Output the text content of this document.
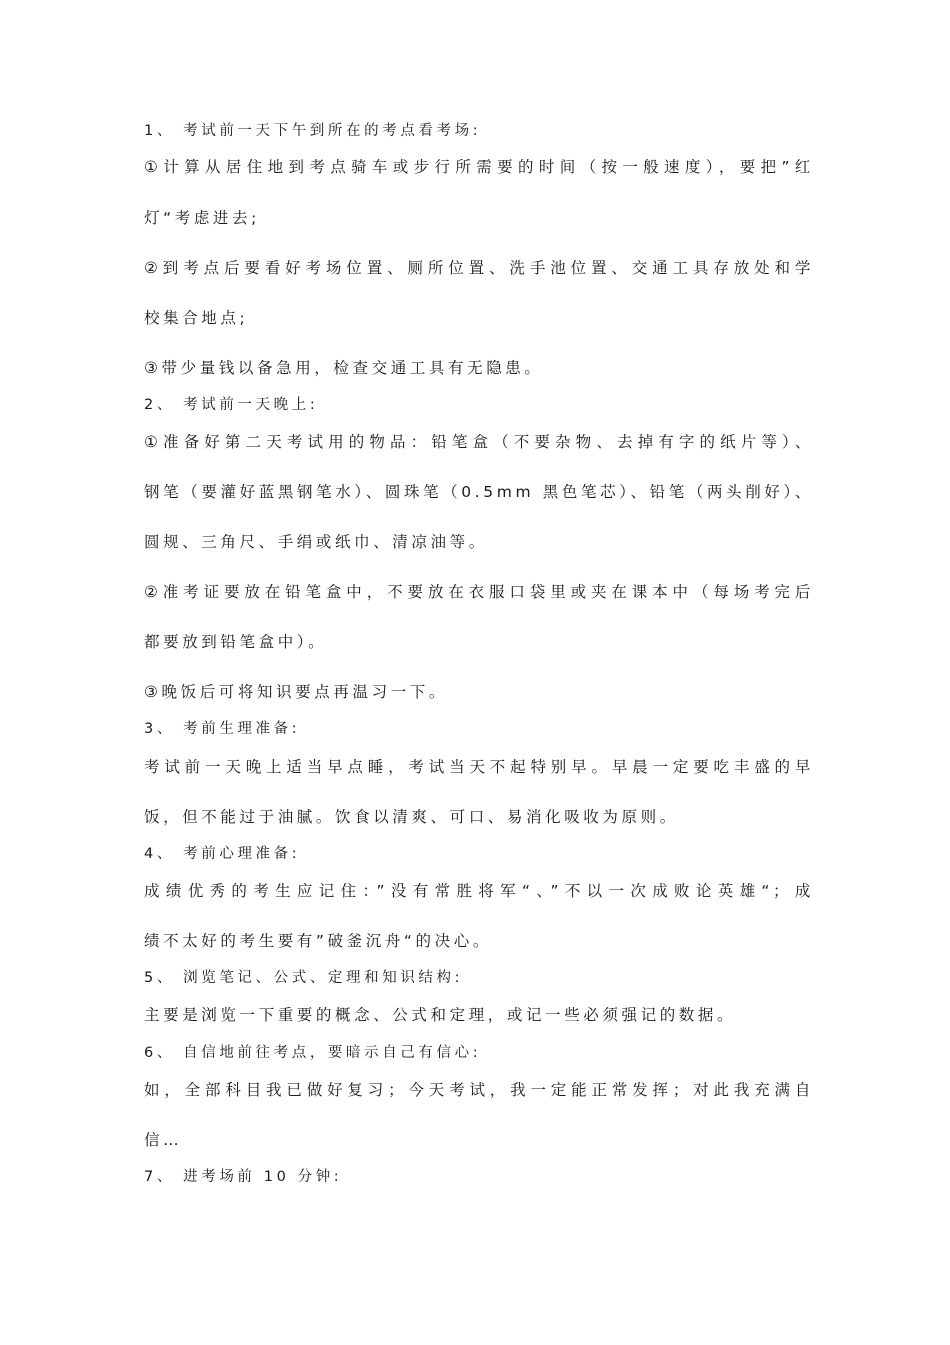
1、 考试前一天下午到所在的考点看考场:
①计算从居住地到考点骑车或步行所需要的时间（按一般速度），要把”红
灯“考虑进去;
②到考点后要看好考场位置、厕所位置、洗手池位置、交通工具存放处和学
校集合地点;
③带少量钱以备急用，检查交通工具有无隐患。
2、 考试前一天晚上:
①准备好第二天考试用的物品：铅笔盒（不要杂物、去掉有字的纸片等）、
钢笔（要灌好蓝黑钢笔水）、圆珠笔（0.5mm 黑色笔芯）、铅笔（两头削好）、
圆规、三角尺、手绢或纸巾、清凉油等。
②准考证要放在铅笔盒中，不要放在衣服口袋里或夹在课本中（每场考完后
都要放到铅笔盒中）。
③晚饭后可将知识要点再温习一下。
3、 考前生理准备:
考试前一天晚上适当早点睡，考试当天不起特别早。早晨一定要吃丰盛的早
饭，但不能过于油腻。饮食以清爽、可口、易消化吸收为原则。
4、 考前心理准备:
成绩优秀的考生应记住：”没有常胜将军“、”不以一次成败论英雄“；成
绩不太好的考生要有”破釜沉舟“的决心。
5、 浏览笔记、公式、定理和知识结构:
主要是浏览一下重要的概念、公式和定理，或记一些必须强记的数据。
6、 自信地前往考点，要暗示自己有信心:
如，全部科目我已做好复习；今天考试，我一定能正常发挥；对此我充满自
信…
7、 进考场前 10 分钟:
